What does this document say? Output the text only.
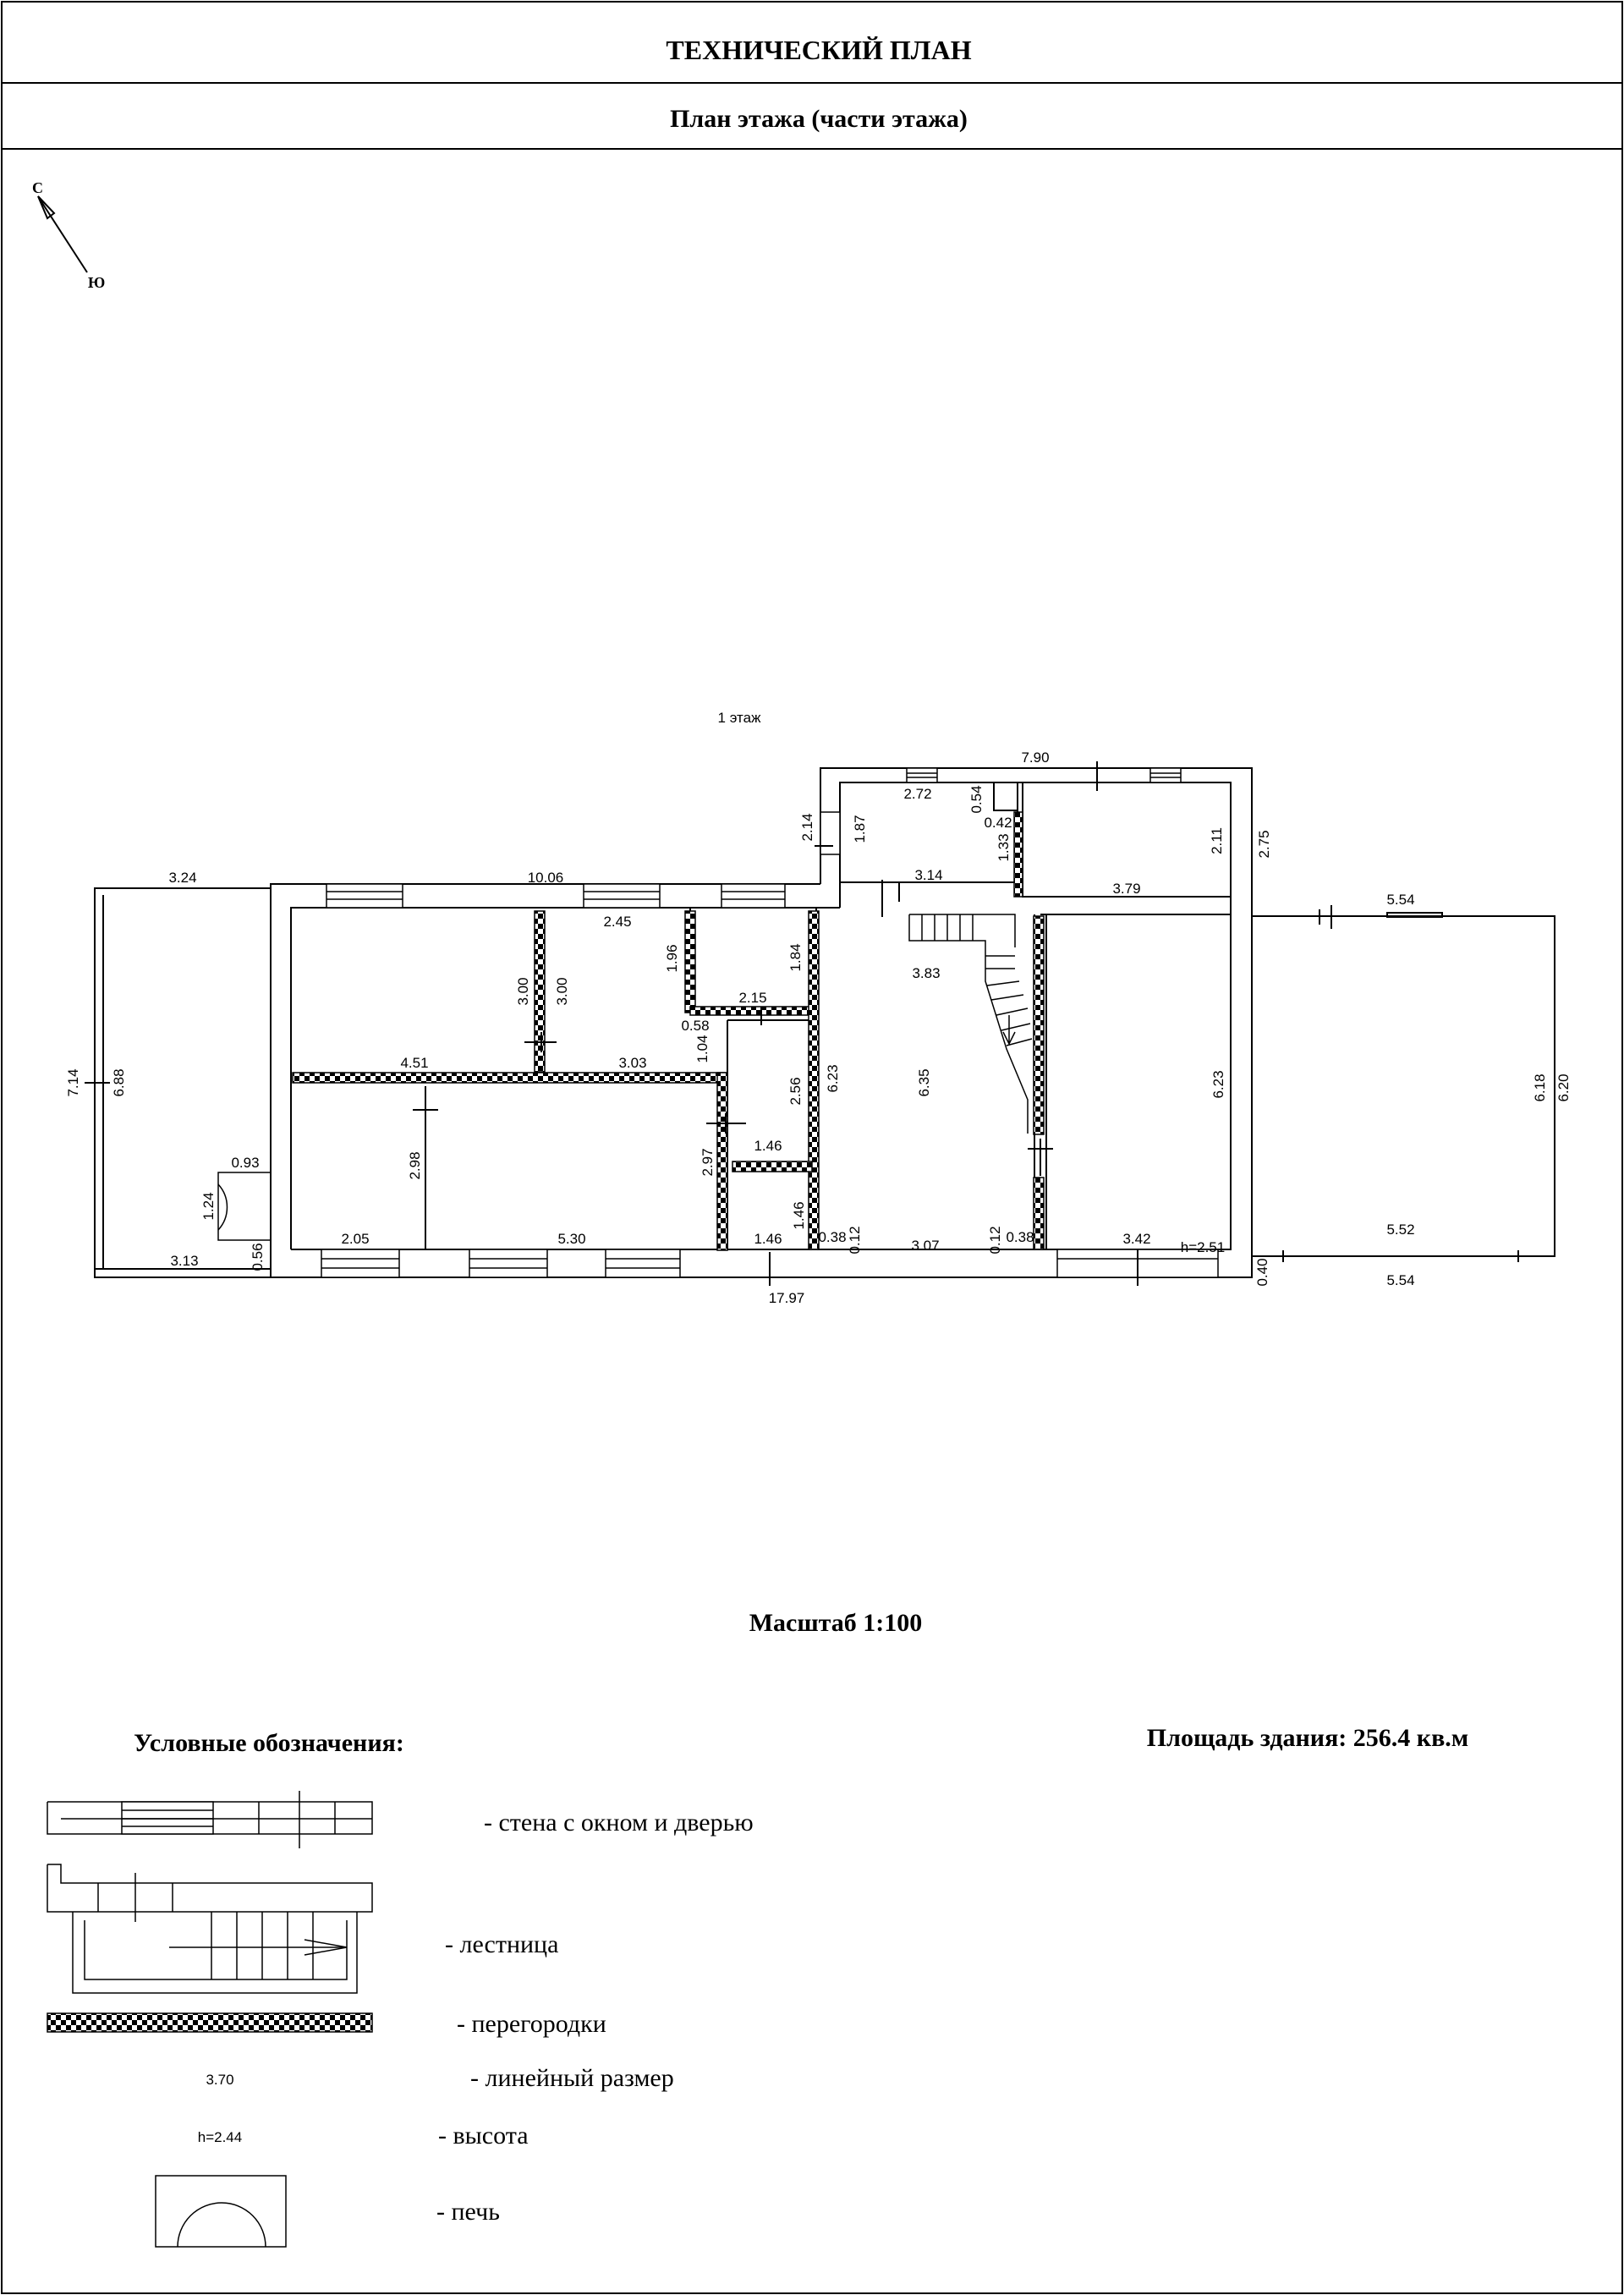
ТЕХНИЧЕСКИЙ ПЛАН
План этажа (части этажа)
С
Ю
1 этаж
3.24	10.06
7.90
2.72	0.54
0.42
2.14	1.87
1.33	2.11 2.75
3.14
3.79
5.54
2.45
1.96	1.84
3.00 3.00
3.83
2.15
0.58
1.04
7.14 6.88
4.51	3.03
2.56 6.23	6.35	6.23	6.18 6.20
2.98	2.97
1.46
1.46
1.46
0.93
1.24
2.05	5.30	0.38 0.12	3.07	0.12 0.38	3.42
h=2.51
3.13	0.56
17.97
0.40
5.52
5.54
Масштаб 1:100
Площадь здания: 256.4 кв.м
Условные обозначения:
- стена с окном и дверью
- лестница
- перегородки
3.70	- линейный размер
h=2.44	- высота
- печь
